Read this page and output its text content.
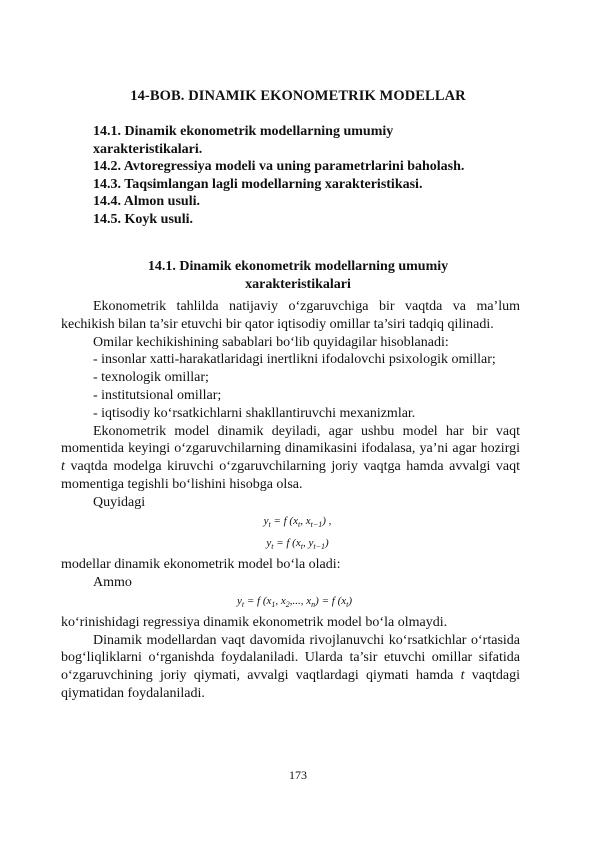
14-BOB. DINAMIK EKONOMETRIK MODELLAR
14.1. Dinamik ekonometrik modellarning umumiy
xarakteristikalari.
14.2. Avtoregressiya modeli va uning parametrlarini baholash.
14.3. Taqsimlangan lagli modellarning xarakteristikasi.
14.4. Almon usuli.
14.5. Koyk usuli.
14.1. Dinamik ekonometrik modellarning umumiy
xarakteristikalari

Ekonometrik tahlilda natijaviy o‘zgaruvchiga bir vaqtda va ma’lum kechikish bilan ta’sir etuvchi bir qator iqtisodiy omillar ta’siri tadqiq qilinadi.

Omilar kechikishining sabablari bo‘lib quyidagilar hisoblanadi:

- insonlar xatti-harakatlaridagi inertlikni ifodalovchi psixologik omillar;

- texnologik omillar;

- institutsional omillar;

- iqtisodiy ko‘rsatkichlarni shakllantiruvchi mexanizmlar.

Ekonometrik model dinamik deyiladi, agar ushbu model har bir vaqt momentida keyingi o‘zgaruvchilarning dinamikasini ifodalasa, ya’ni agar hozirgi t vaqtda modelga kiruvchi o‘zgaruvchilarning joriy vaqtga hamda avvalgi vaqt momentiga tegishli bo‘lishini hisobga olsa.

Quyidagi

$y_t = f$ ($x_t$, $x_{t-1}$) ,
$y_t = f$ ($x_t$, $y_{t-1}$)

modellar dinamik ekonometrik model bo‘la oladi:

Ammo

$y_t = f$ ($x_1$, $x_2$,..., $x_n) = f$ $(x_t)$

ko‘rinishidagi regressiya dinamik ekonometrik model bo‘la olmaydi.

Dinamik modellardan vaqt davomida rivojlanuvchi ko‘rsatkichlar o‘rtasida bog‘liqliklarni o‘rganishda foydalaniladi. Ularda ta’sir etuvchi omillar sifatida o‘zgaruvchining joriy qiymati, avvalgi vaqtlardagi qiymati hamda t vaqtdagi qiymatidan foydalaniladi.

173
